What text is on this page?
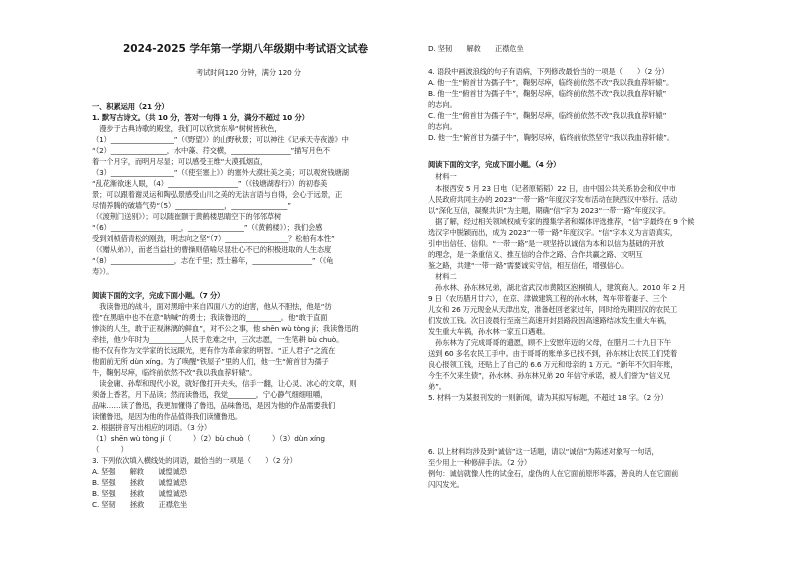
2024-2025 学年第一学期八年级期中考试语文试卷
考试时间120 分钟，满分 120 分
一、积累运用（21 分）
1. 默写古诗文。（共 10 分，答对一句得 1 分，满分不超过 10 分）
　漫步于古典诗歌的殿堂，我们可以欣赏东皋“树树皆秋色，
（1）__________________”（《野望》）的山野秋景；可以神往《记承天寺夜游》中
“（2）________________，水中藻、荇交横，_________________”描写月色不
着一个月字，而明月尽显；可以感受王维“大漠孤烟直，
（3）__________________”（《使至塞上》）的塞外大漠壮美之美；可以观赏钱塘湖
“乱花渐欲迷人眼，（4）____________________”（《钱塘湖春行》）的初春美
景；可以跟着谢灵运和陶弘景感受山川之美的无法言语与自得，会心于远景，正
尽情养腾的破墙气势“（5）______________，________________”
（《渡荆门送别》）；可以随崔颢于黄鹤楼思睛空下的邻邻草树
“（6）____________________，________________”（《黄鹤楼》）；我们会感
受到刘桢借青松的刚劲，明志向之坚“（7）__________________？松柏有本性”
（《赠从弟》），而老当益壮的曹操则借喻尽显壮心不已的积极进取的人生态度
“（8）__________________，志在千里；烈士暮年，_________________”（《龟
寿》）。
阅读下面的文字，完成下面小题。（7 分）
　我读鲁迅的战斗，面对黑暗中来自四面八方的迫害，他从不胆怯，他是“彷
徨”在黑暗中也不在意“呐喊”的勇士；我读鲁迅的__________。他“敢于直面
惨淡的人生，敢于正视淋漓的鲜血”，对不公之事，他 shēn wù tòng jí；我读鲁迅的
牵挂，他少年时为__________人民于危难之中，三次志愿，一生笔耕 bù chuò。
他不仅有作为文学家的长远眼光，更有作为革命家的明智。“正人君子”之流在
他面前无所 dùn xíng。为了唤醒“铁屋子”里的人们，他一生“俯首甘为孺子
牛，鞠躬尽瘁，临终前依然不改“我以我血荐轩辕”。
　读金庸、孙犁和现代小说，就好像打开夫头，信手一翻，让心灵、冰心的文章，则
须备上香茗，月下品读；然而读鲁迅，我觉________，宁心静气细细咀嚼，
品味……读了鲁迅，我更加懂得了鲁迅，品味鲁迅，是因为他的作品需要我们
读懂鲁迅，是因为他的作品值得我们读懂鲁迅。
2. 根据拼音写出相应的词语。（3 分）
（1）shēn wù tòng jí（　　　）（2）bù chuò（　　　）（3）dùn xíng
（　　　）
3. 下列依次填入横线处的词语，最恰当的一项是（　　）（2 分）
A. 坚强　　解救　　诚惶诚恐
B. 坚强　　拯救　　诚惶诚恐
B. 坚强　　拯救　　诚惶诚恐
C. 坚韧　　拯救　　正襟危坐
D. 坚韧　　解救　　正襟危坐
4. 语段中画波浪线的句子有语病，下列修改最恰当的一项是（　　）（2 分）
A. 他一生“俯首甘为孺子牛”，鞠躬尽瘁，临终前依然不改“我以我血荐轩辕”。
B. 他一生“俯首甘为孺子牛”，鞠躬尽瘁，临终前依然不改“我以我血荐轩辕”
的志向。
C. 他一生“俯首甘为孺子牛”，鞠躬尽瘁，临终前依然不改“我以我血荐轩辕”
的志向。
D. 他一生“俯首甘为孺子牛”，鞠躬尽瘁，临终前依然坚守“我以我血荐轩辕”。
阅读下面的文字，完成下面小题。（4 分）
　材料一
　本报西安 5 月 23 日电（记者原韬韬）22 日，由中国公共关系协会和仪中市
人民政府共同主办的 2023“一带一路”年度汉字发布活动在陕西汉中举行。活动
以“深化互信，凝聚共识”为主题，期确“信”字为 2023“一带一路”年度汉字。
　据了解，经过相关领域权威专家的搜集学者和媒体评选推荐，“信”字最终在 9 个候
选汉字中脱颖而出，成为 2023“一带一路”年度汉字。“信”字本义为言语真实，
引申出信任、信仰。“一带一路”是一项坚持以诚信为本和以信为基础的开放
的理念，是一条重信义、推互信的合作之路、合作共赢之路、文明互
鉴之路，共建“一带一路”需要诚实守信，相互信任，增强信心。
　材料二
　孙水林、孙东林兄弟，湖北省武汉市黄陂区泡桐镇人，建筑商人。2010 年 2 月
9 日（农历腊月廿六），在京、津做建筑工程的孙水林，驾车带着妻子、三个
儿女和 26 万元现金从天津出发，准备赶回老家过年，同时给先期回汉的农民工
们发放工钱。次日凌晨行至南兰高速开封县路段因高速路结冰发生重大车祸，
发生重大车祸，孙水林一家五口遇难。
　孙东林为了完成哥哥的遗愿，顾不上安慰年迈的父母，在腊月二十九日下午
送到 60 多名农民工手中。由于哥哥的账单多已找不到，孙东林让农民工们凭着
良心报领工钱，还贴上了自己的 6.6 万元和母亲的 1 万元。“新年不欠旧年账，
今生不欠来生债”，孙水林、孙东林兄弟 20 年信守承诺，被人们誉为“信义兄
弟”。
5. 材料一为某报刊发的一则新闻，请为其拟写标题，不超过 18 字。（2 分）
6. 以上材料均涉及到“诚信”这一话题，请以“诚信”为陈述对象写一句话，
至少用上一种修辞手法。（2 分）
例句：诚信就像人性的试金石，虚伪的人在它面前原形毕露，善良的人在它面前
闪闪发光。
